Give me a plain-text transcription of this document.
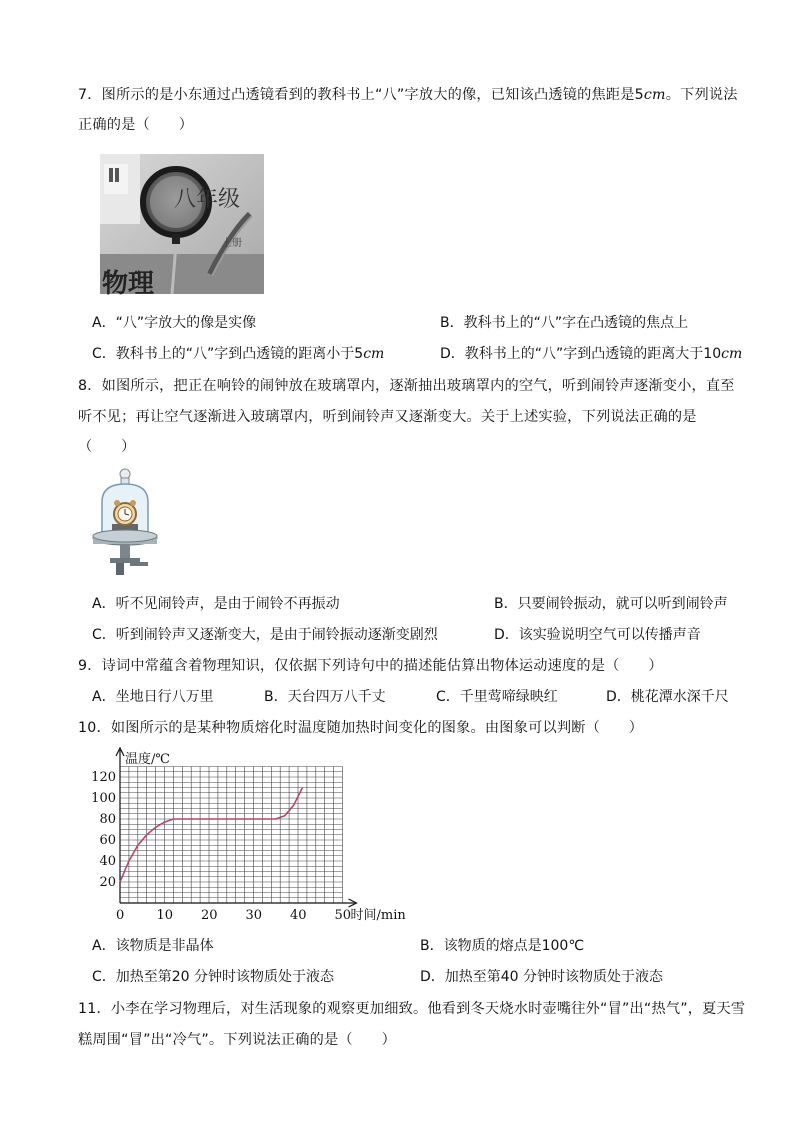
7．图所示的是小东通过凸透镜看到的教科书上“八”字放大的像，已知该凸透镜的焦距是5cm。下列说法
正确的是（　　）
物理
八年级
上册
A．“八”字放大的像是实像	B．教科书上的“八”字在凸透镜的焦点上
C．教科书上的“八”字到凸透镜的距离小于5cm	D．教科书上的“八”字到凸透镜的距离大于10cm
8．如图所示，把正在响铃的闹钟放在玻璃罩内，逐渐抽出玻璃罩内的空气，听到闹铃声逐渐变小，直至
听不见；再让空气逐渐进入玻璃罩内，听到闹铃声又逐渐变大。关于上述实验，下列说法正确的是
（　　）
A．听不见闹铃声，是由于闹铃不再振动	B．只要闹铃振动，就可以听到闹铃声
C．听到闹铃声又逐渐变大，是由于闹铃振动逐渐变剧烈	D．该实验说明空气可以传播声音
9．诗词中常蕴含着物理知识，仅依据下列诗句中的描述能估算出物体运动速度的是（　　）
A．坐地日行八万里	B．天台四万八千丈	C．千里莺啼绿映红	D．桃花潭水深千尺
10．如图所示的是某种物质熔化时温度随加热时间变化的图象。由图象可以判断（　　）
温度/℃
时间/min
0 10 20 30 40 50
20
40
60
80
100
120
A．该物质是非晶体	B．该物质的熔点是100℃
C．加热至第20 分钟时该物质处于液态	D．加热至第40 分钟时该物质处于液态
11．小李在学习物理后，对生活现象的观察更加细致。他看到冬天烧水时壶嘴往外“冒”出“热气”，夏天雪
糕周围“冒”出“冷气”。下列说法正确的是（　　）
